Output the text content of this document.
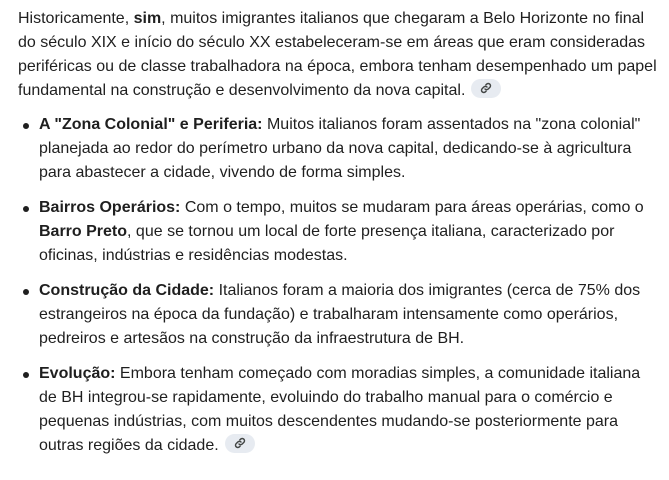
Historicamente, sim, muitos imigrantes italianos que chegaram a Belo Horizonte no final do século XIX e início do século XX estabeleceram-se em áreas que eram consideradas periféricas ou de classe trabalhadora na época, embora tenham desempenhado um papel fundamental na construção e desenvolvimento da nova capital.

A "Zona Colonial" e Periferia: Muitos italianos foram assentados na "zona colonial" planejada ao redor do perímetro urbano da nova capital, dedicando-se à agricultura para abastecer a cidade, vivendo de forma simples.
Bairros Operários: Com o tempo, muitos se mudaram para áreas operárias, como o Barro Preto, que se tornou um local de forte presença italiana, caracterizado por oficinas, indústrias e residências modestas.
Construção da Cidade: Italianos foram a maioria dos imigrantes (cerca de 75% dos estrangeiros na época da fundação) e trabalharam intensamente como operários, pedreiros e artesãos na construção da infraestrutura de BH.
Evolução: Embora tenham começado com moradias simples, a comunidade italiana de BH integrou-se rapidamente, evoluindo do trabalho manual para o comércio e pequenas indústrias, com muitos descendentes mudando-se posteriormente para outras regiões da cidade.
